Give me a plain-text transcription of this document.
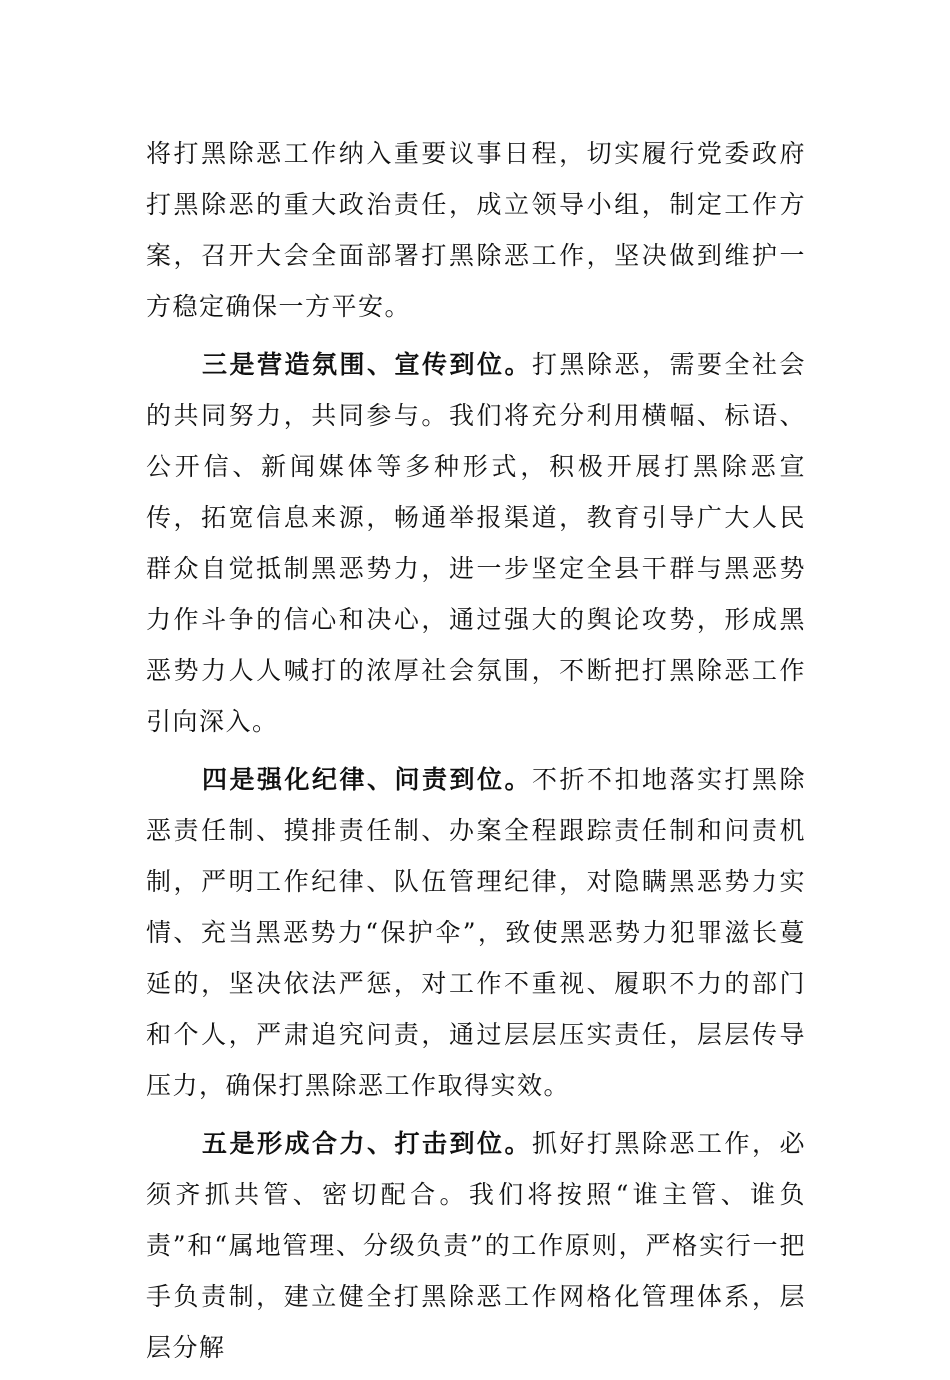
将打黑除恶工作纳入重要议事日程，切实履行党委政府打黑除恶的重大政治责任，成立领导小组，制定工作方案，召开大会全面部署打黑除恶工作，坚决做到维护一方稳定确保一方平安。

三是营造氛围、宣传到位。打黑除恶，需要全社会的共同努力，共同参与。我们将充分利用横幅、标语、公开信、新闻媒体等多种形式，积极开展打黑除恶宣传，拓宽信息来源，畅通举报渠道，教育引导广大人民群众自觉抵制黑恶势力，进一步坚定全县干群与黑恶势力作斗争的信心和决心，通过强大的舆论攻势，形成黑恶势力人人喊打的浓厚社会氛围，不断把打黑除恶工作引向深入。

四是强化纪律、问责到位。不折不扣地落实打黑除恶责任制、摸排责任制、办案全程跟踪责任制和问责机制，严明工作纪律、队伍管理纪律，对隐瞒黑恶势力实情、充当黑恶势力“保护伞”，致使黑恶势力犯罪滋长蔓延的，坚决依法严惩，对工作不重视、履职不力的部门和个人，严肃追究问责，通过层层压实责任，层层传导压力，确保打黑除恶工作取得实效。

五是形成合力、打击到位。抓好打黑除恶工作，必须齐抓共管、密切配合。我们将按照“谁主管、谁负责”和“属地管理、分级负责”的工作原则，严格实行一把手负责制，建立健全打黑除恶工作网格化管理体系，层层分解
